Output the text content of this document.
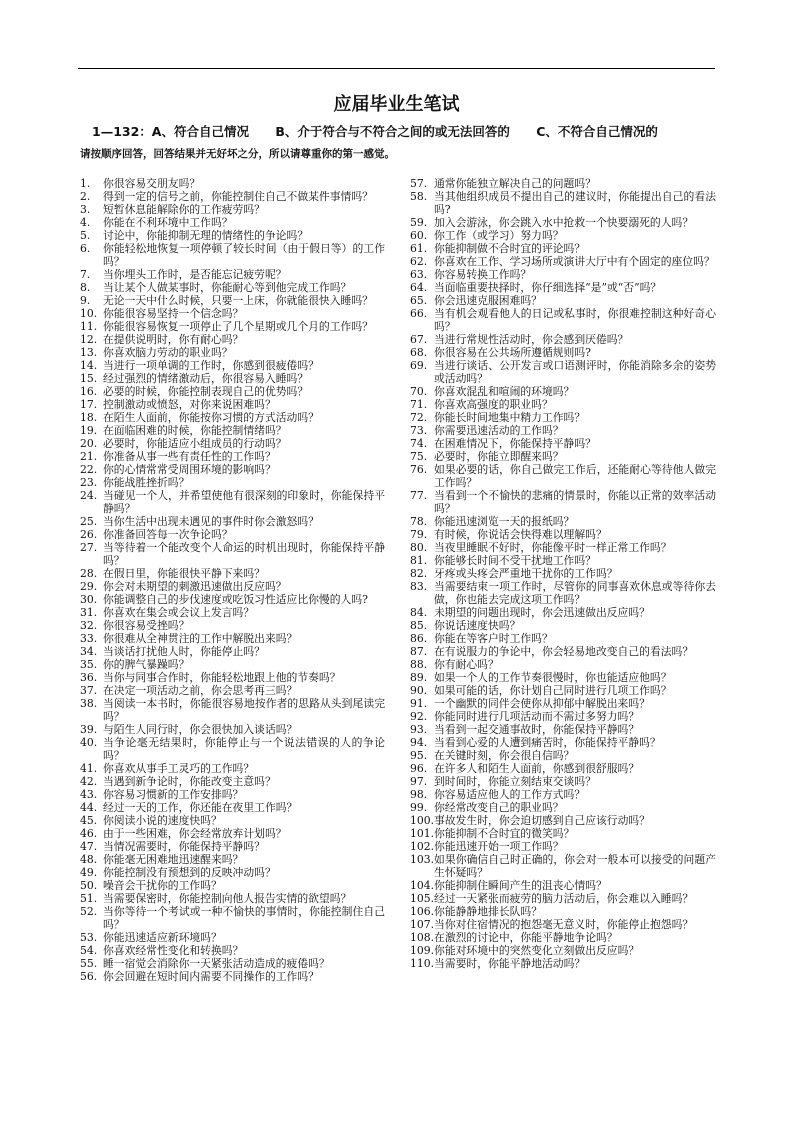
应届毕业生笔试
1—132：A、符合自己情况 B、介于符合与不符合之间的或无法回答的 C、不符合自己情况的
请按顺序回答，回答结果并无好坏之分，所以请尊重你的第一感觉。
1.	你很容易交朋友吗？
2.	得到一定的信号之前，你能控制住自己不做某件事情吗？
3.	短暂休息能解除你的工作疲劳吗？
4.	你能在不利环境中工作吗？
5.	讨论中，你能抑制无理的情绪性的争论吗？
6.	你能轻松地恢复一项停顿了较长时间（由于假日等）的工作吗？
7.	当你埋头工作时，是否能忘记疲劳呢？
8.	当让某个人做某事时，你能耐心等到他完成工作吗？
9.	无论一天中什么时候，只要一上床，你就能很快入睡吗？
10. 你能很容易坚持一个信念吗？
11. 你能很容易恢复一项停止了几个星期或几个月的工作吗？
12. 在提供说明时，你有耐心吗？
13. 你喜欢脑力劳动的职业吗？
14. 当进行一项单调的工作时，你感到很疲倦吗？
15. 经过强烈的情绪激动后，你很容易入睡吗？
16. 必要的时候，你能控制表现自己的优势吗？
17. 控制激动或愤怒，对你来说困难吗？
18. 在陌生人面前，你能按你习惯的方式活动吗？
19. 在面临困难的时候，你能控制情绪吗？
20. 必要时，你能适应小组成员的行动吗？
21. 你准备从事一些有责任性的工作吗？
22. 你的心情常常受周围环境的影响吗？
23. 你能战胜挫折吗？
24. 当碰见一个人，并希望使他有很深刻的印象时，你能保持平静吗？
25. 当你生活中出现未遇见的事件时你会激怒吗？
26. 你准备回答每一次争论吗？
27. 当等待着一个能改变个人命运的时机出现时，你能保持平静吗？
28. 在假日里，你能很快平静下来吗？
29. 你会对未期望的刺激迅速做出反应吗？
30. 你能调整自己的步伐速度或吃饭习性适应比你慢的人吗?
31. 你喜欢在集会或会议上发言吗？
32. 你很容易受挫吗？
33. 你很难从全神贯注的工作中解脱出来吗？
34. 当谈话打扰他人时，你能停止吗？
35. 你的脾气暴躁吗？
36. 当你与同事合作时，你能轻松地跟上他的节奏吗？
37. 在决定一项活动之前，你会思考再三吗？
38. 当阅读一本书时，你能很容易地按作者的思路从头到尾读完吗？
39. 与陌生人同行时，你会很快加入谈话吗？
40. 当争论毫无结果时，你能停止与一个说法错误的人的争论吗？
41. 你喜欢从事手工灵巧的工作吗？
42. 当遇到新争论时，你能改变主意吗？
43. 你容易习惯新的工作安排吗？
44. 经过一天的工作，你还能在夜里工作吗？
45. 你阅读小说的速度快吗？
46. 由于一些困难，你会经常放弃计划吗？
47. 当情况需要时，你能保持平静吗？
48. 你能毫无困难地迅速醒来吗？
49. 你能控制没有预想到的反映冲动吗？
50. 噪音会干扰你的工作吗？
51. 当需要保密时，你能控制向他人报告实情的欲望吗？
52. 当你等待一个考试或一种不愉快的事情时，你能控制住自己吗？
53. 你能迅速适应新环境吗？
54. 你喜欢经常性变化和转换吗？
55. 睡一宿觉会消除你一天紧张活动造成的疲倦吗？
56. 你会回避在短时间内需要不同操作的工作吗？
57. 通常你能独立解决自己的问题吗？
58. 当其他组织成员不提出自己的建议时，你能提出自己的看法吗?
59. 加入会游泳，你会跳入水中抢救一个快要溺死的人吗？
60. 你工作（或学习）努力吗？
61. 你能抑制做不合时宜的评论吗？
62. 你喜欢在工作、学习场所或演讲大厅中有个固定的座位吗？
63. 你容易转换工作吗？
64. 当面临重要抉择时，你仔细选择“是”或“否”吗？
65. 你会迅速克服困难吗？
66. 当有机会观看他人的日记或私事时，你很难控制这种好奇心吗？
67. 当进行常规性活动时，你会感到厌倦吗？
68. 你很容易在公共场所遵循规则吗?
69. 当进行谈话、公开发言或口语测评时，你能消除多余的姿势或活动吗？
70. 你喜欢混乱和喧闹的环境吗？
71. 你喜欢高强度的职业吗？
72. 你能长时间地集中精力工作吗？
73. 你需要迅速活动的工作吗？
74. 在困难情况下，你能保持平静吗？
75. 必要时，你能立即醒来吗？
76. 如果必要的话，你自己做完工作后，还能耐心等待他人做完工作吗？
77. 当看到一个不愉快的悲痛的情景时，你能以正常的效率活动吗？
78. 你能迅速浏览一天的报纸吗？
79. 有时候，你说话会快得难以理解吗？
80. 当夜里睡眠不好时，你能像平时一样正常工作吗？
81. 你能够长时间不受干扰地工作吗？
82. 牙疼或头疼会严重地干扰你的工作吗？
83. 当需要结束一项工作时，尽管你的同事喜欢休息或等待你去做，你也能去完成这项工作吗？
84. 未期望的问题出现时，你会迅速做出反应吗？
85. 你说话速度快吗？
86. 你能在等客户时工作吗？
87. 在有说服力的争论中，你会轻易地改变自己的看法吗？
88. 你有耐心吗？
89. 如果一个人的工作节奏很慢时，你也能适应他吗？
90. 如果可能的话，你计划自己同时进行几项工作吗？
91. 一个幽默的同伴会使你从抑郁中解脱出来吗？
92. 你能同时进行几项活动而不需过多努力吗？
93. 当看到一起交通事故时，你能保持平静吗？
94. 当看到心爱的人遭到痛苦时，你能保持平静吗？
95. 在关键时刻，你会很自信吗？
96. 在许多人和陌生人面前，你感到很舒服吗？
97. 到时间时，你能立刻结束交谈吗？
98. 你容易适应他人的工作方式吗？
99. 你经常改变自己的职业吗？
100. 事故发生时，你会迫切感到自己应该行动吗？
101. 你能抑制不合时宜的微笑吗？
102. 你能迅速开始一项工作吗？
103. 如果你确信自己时正确的，你会对一般本可以接受的问题产生怀疑吗？
104. 你能抑制住瞬间产生的沮丧心情吗？
105. 经过一天紧张而疲劳的脑力活动后，你会难以入睡吗？
106. 你能静静地排长队吗？
107. 当你对住宿情况的抱怨毫无意义时，你能停止抱怨吗？
108. 在激烈的讨论中，你能平静地争论吗？
109. 你能对环境中的突然变化立刻做出反应吗？
110. 当需要时，你能平静地活动吗？
